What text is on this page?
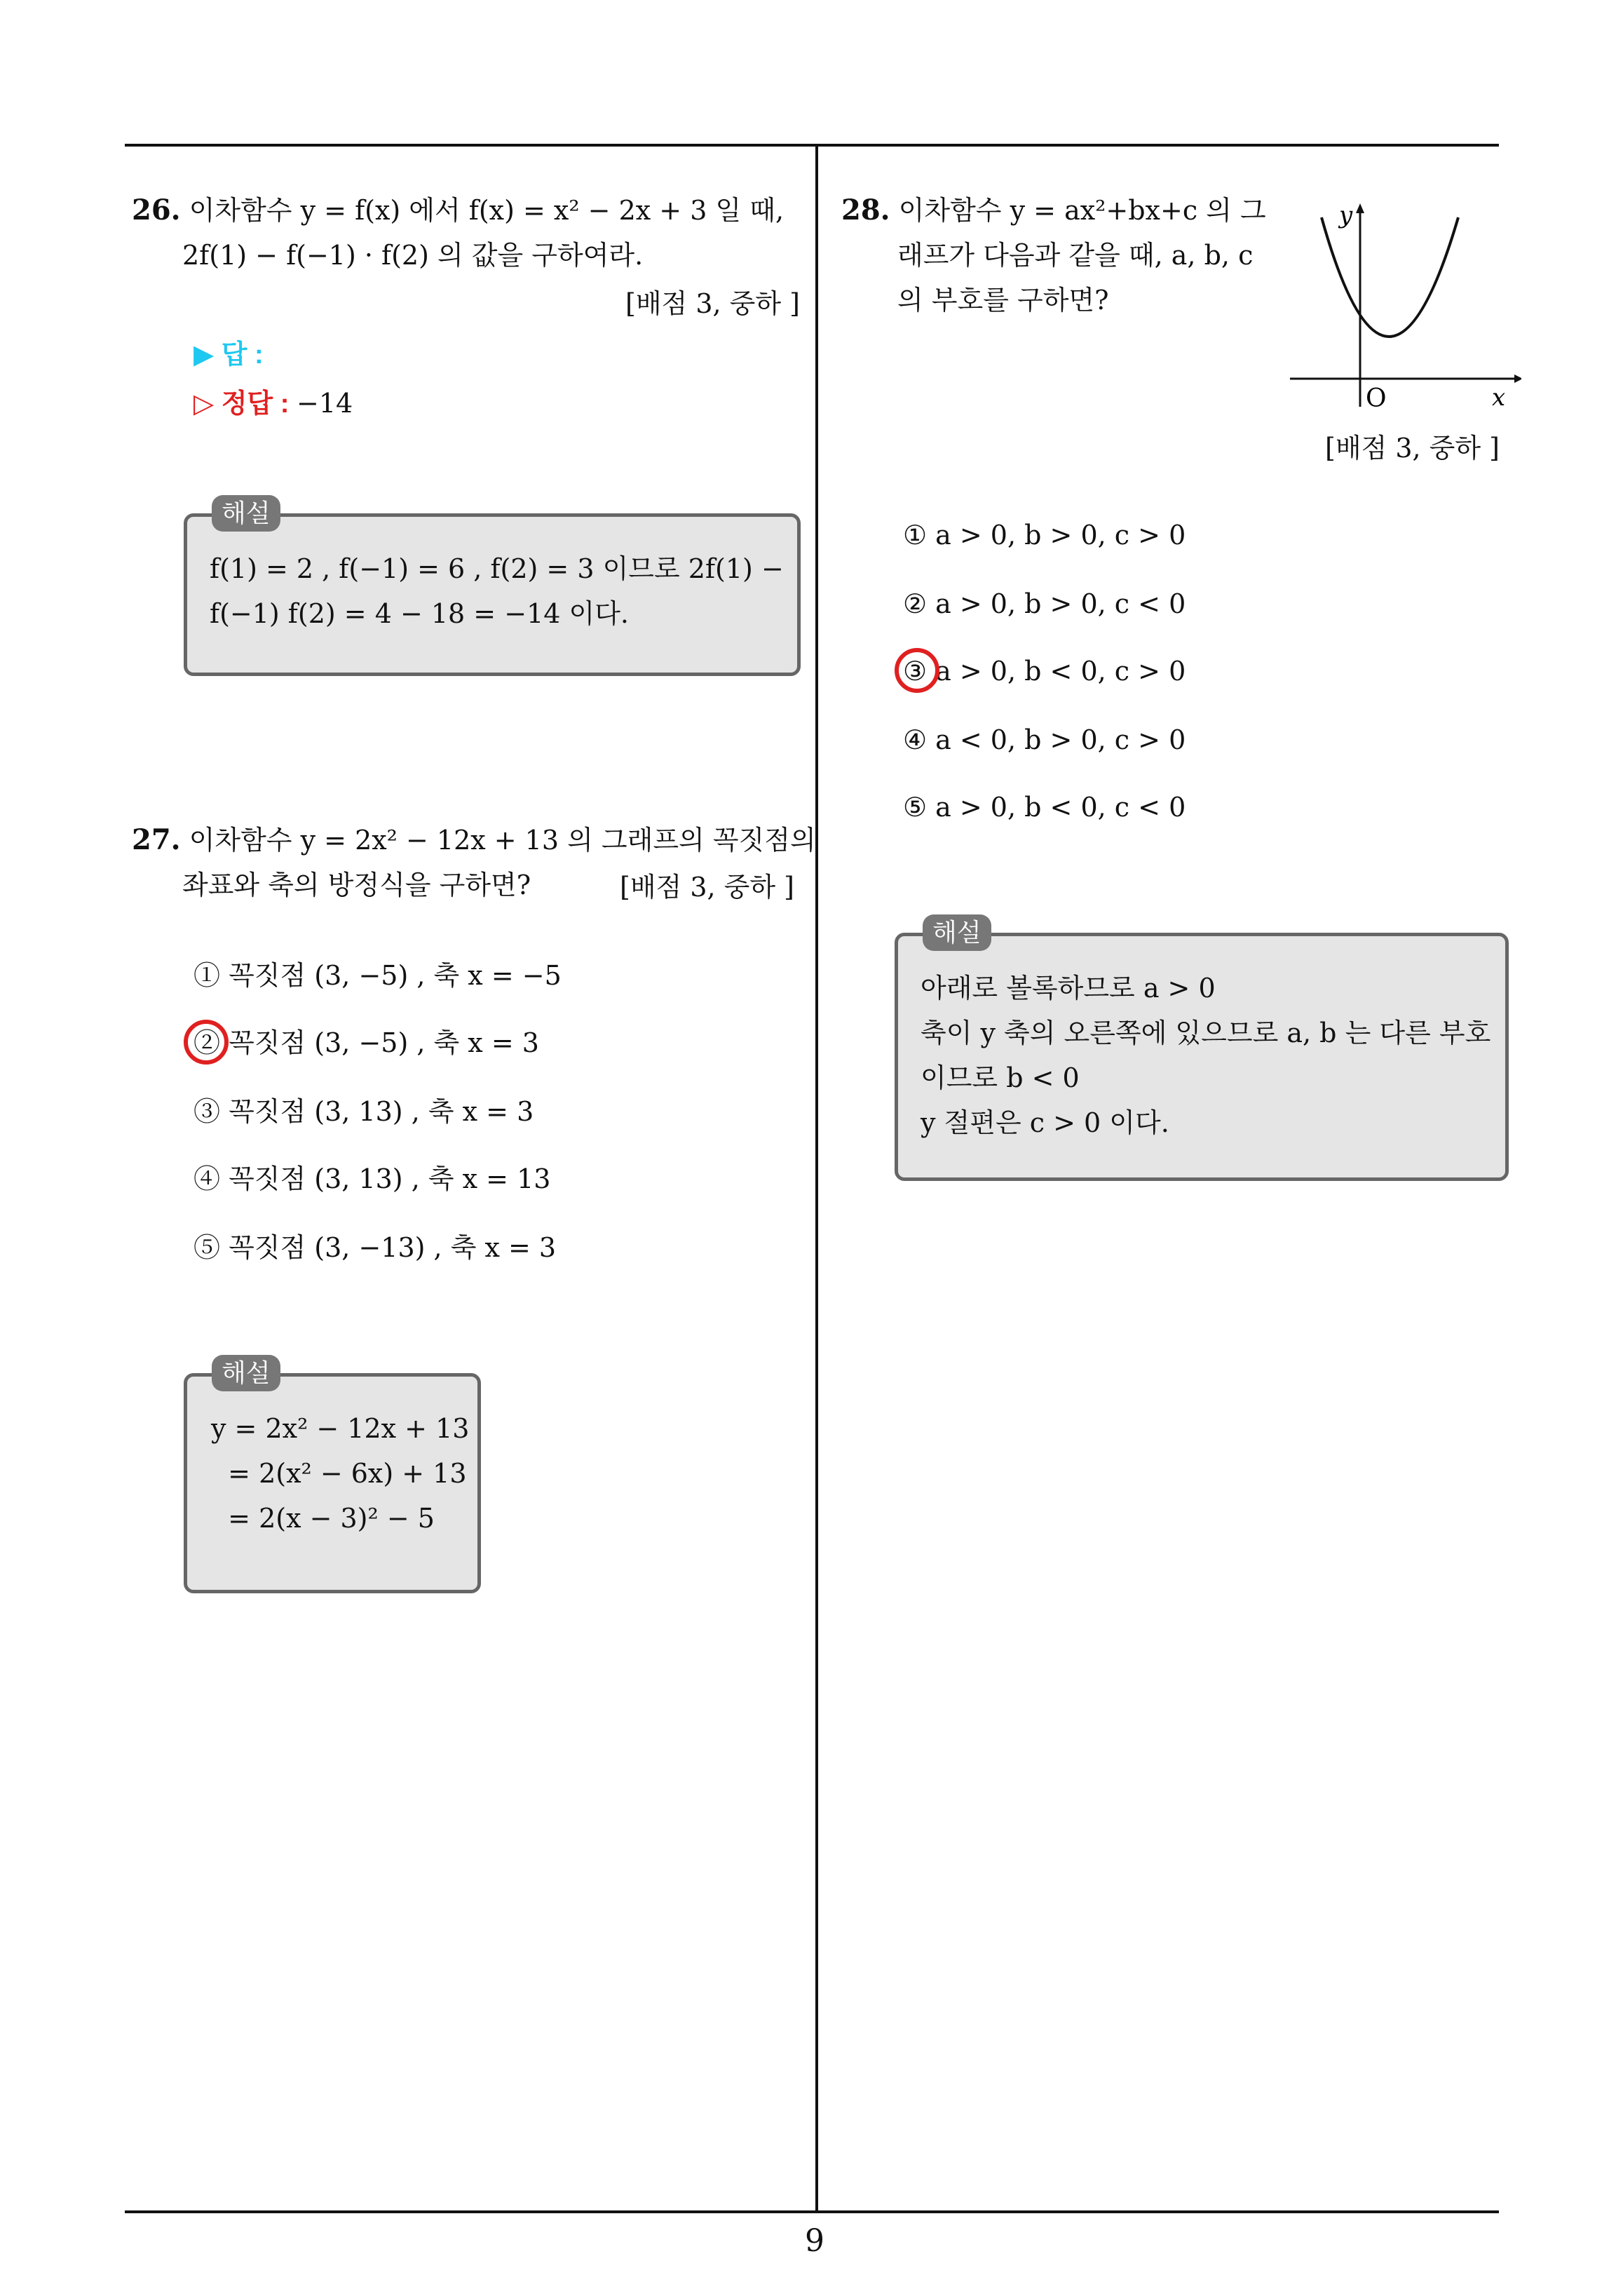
9
26. 이차함수 y = f(x) 에서 f(x) = x² − 2x + 3 일 때,
2f(1) − f(−1) · f(2) 의 값을 구하여라.
[배점 3, 중하 ]
▶ 답 :
▷ 정답 : −14
f(1) = 2 , f(−1) = 6 , f(2) = 3 이므로 2f(1) −
f(−1) f(2) = 4 − 18 = −14 이다.
해설
27. 이차함수 y = 2x² − 12x + 13 의 그래프의 꼭짓점의
좌표와 축의 방정식을 구하면?	[배점 3, 중하 ]
① 꼭짓점 (3, −5) , 축 x = −5
② 꼭짓점 (3, −5) , 축 x = 3
③ 꼭짓점 (3, 13) , 축 x = 3
④ 꼭짓점 (3, 13) , 축 x = 13
⑤ 꼭짓점 (3, −13) , 축 x = 3
y = 2x² − 12x + 13
= 2(x² − 6x) + 13
= 2(x − 3)² − 5
해설
28. 이차함수 y = ax²+bx+c 의 그
래프가 다음과 같을 때, a, b, c
의 부호를 구하면?
y
x
O
[배점 3, 중하 ]
① a > 0, b > 0, c > 0
② a > 0, b > 0, c < 0
③ a > 0, b < 0, c > 0
④ a < 0, b > 0, c > 0
⑤ a > 0, b < 0, c < 0
아래로 볼록하므로 a > 0
축이 y 축의 오른쪽에 있으므로 a, b 는 다른 부호
이므로 b < 0
y 절편은 c > 0 이다.
해설
